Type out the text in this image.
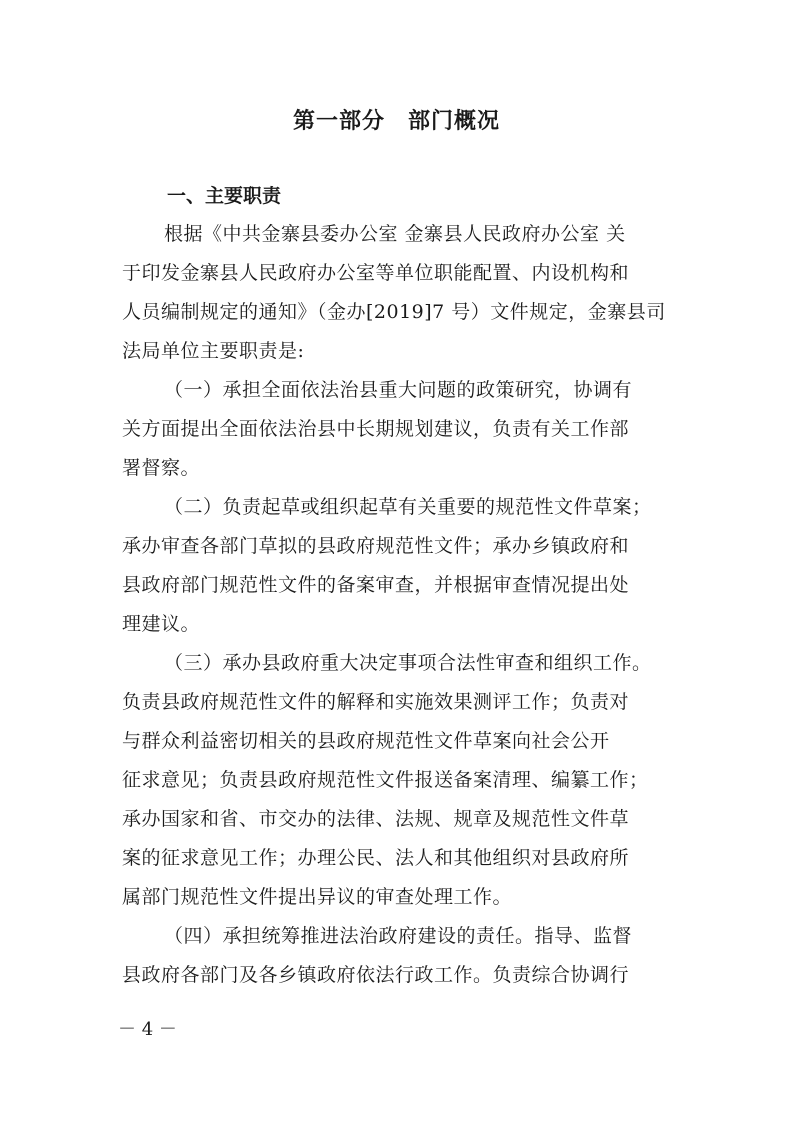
第一部分　部门概况
一、主要职责
根据《中共金寨县委办公室 金寨县人民政府办公室 关
于印发金寨县人民政府办公室等单位职能配置、内设机构和
人员编制规定的通知》（金办[2019]7 号）文件规定，金寨县司
法局单位主要职责是:
（一）承担全面依法治县重大问题的政策研究，协调有
关方面提出全面依法治县中长期规划建议，负责有关工作部
署督察。
（二）负责起草或组织起草有关重要的规范性文件草案；
承办审查各部门草拟的县政府规范性文件；承办乡镇政府和
县政府部门规范性文件的备案审查，并根据审查情况提出处
理建议。
（三）承办县政府重大决定事项合法性审查和组织工作。
负责县政府规范性文件的解释和实施效果测评工作；负责对
与群众利益密切相关的县政府规范性文件草案向社会公开
征求意见；负责县政府规范性文件报送备案清理、编纂工作；
承办国家和省、市交办的法律、法规、规章及规范性文件草
案的征求意见工作；办理公民、法人和其他组织对县政府所
属部门规范性文件提出异议的审查处理工作。
（四）承担统筹推进法治政府建设的责任。指导、监督
县政府各部门及各乡镇政府依法行政工作。负责综合协调行
－ 4 －
